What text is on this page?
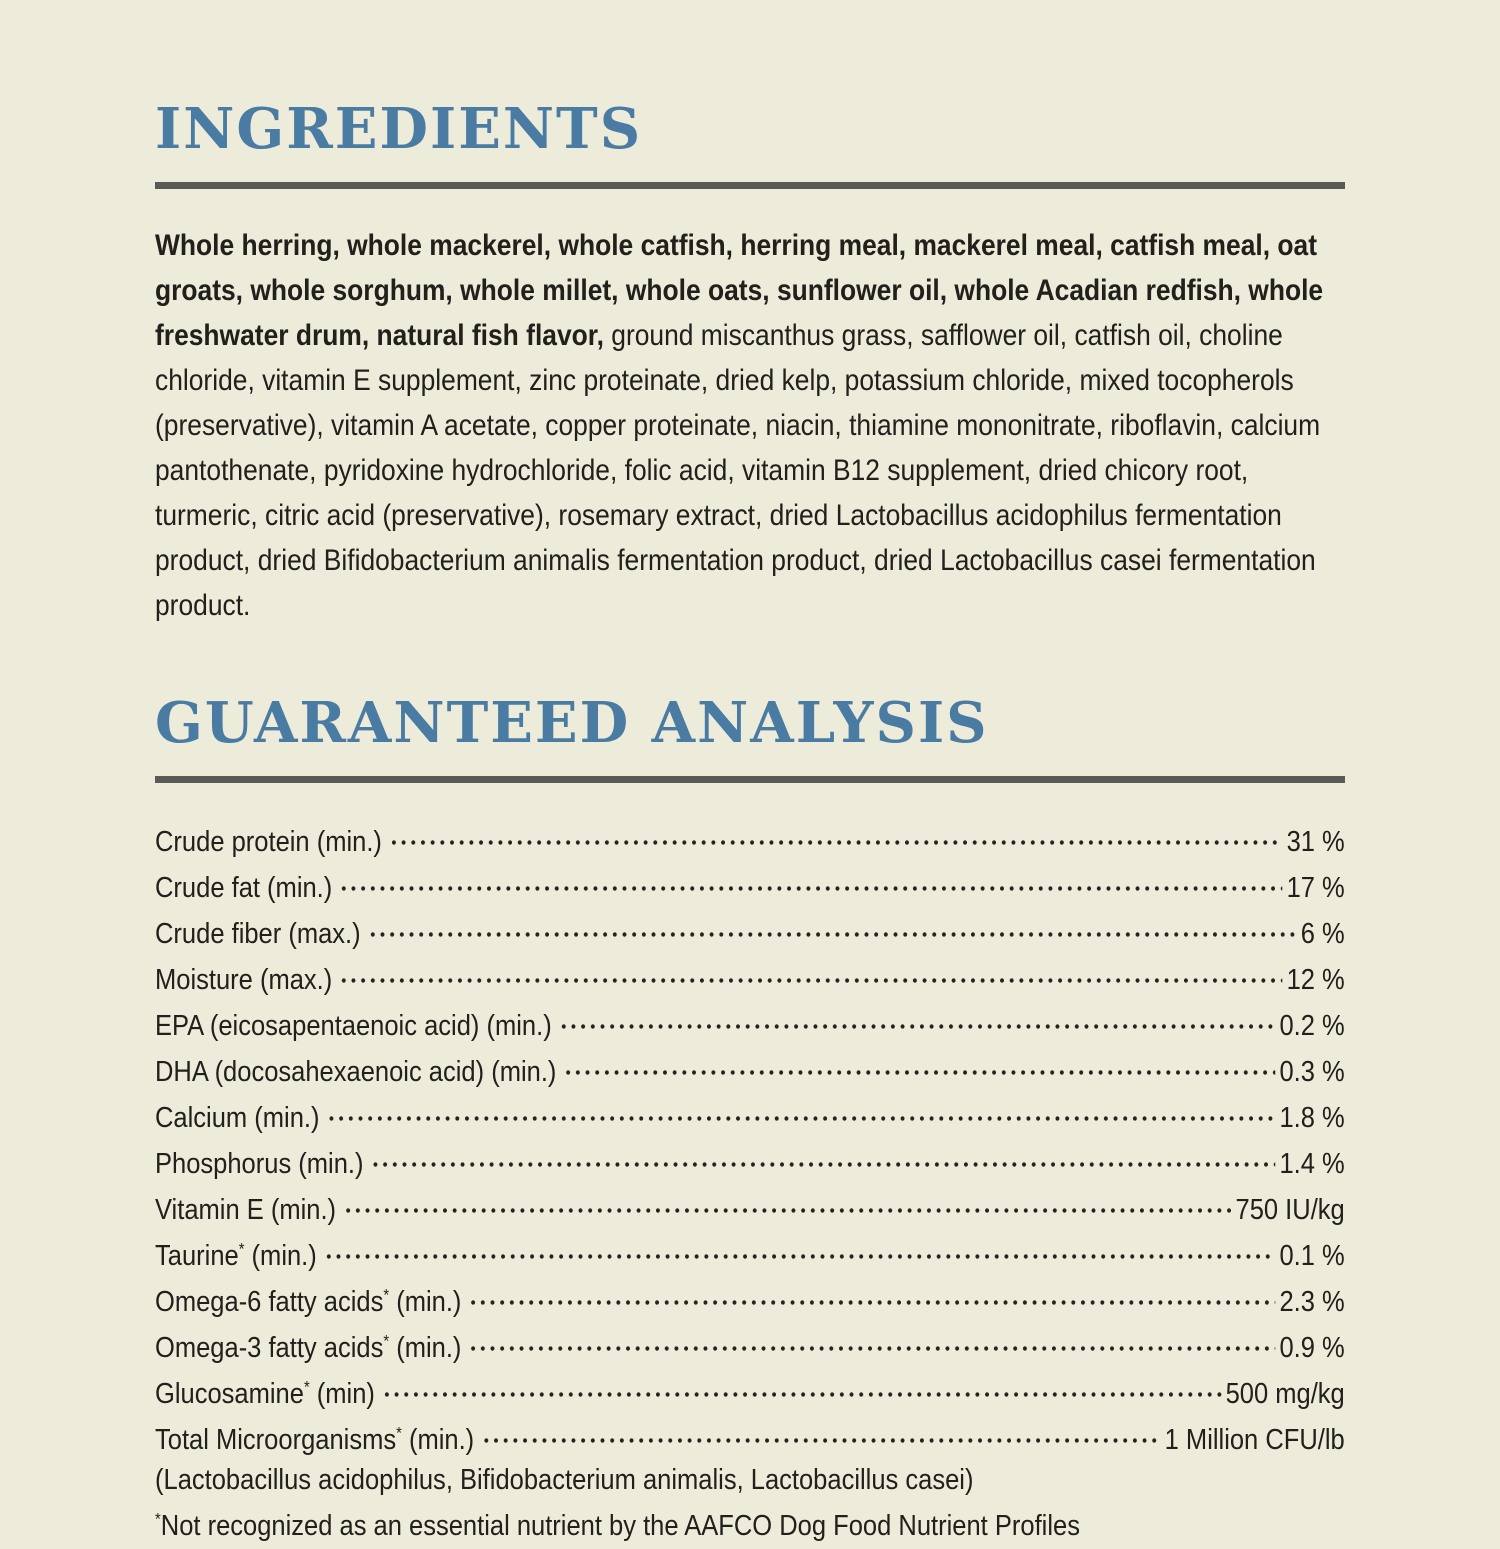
INGREDIENTS

Whole herring, whole mackerel, whole catfish, herring meal, mackerel meal, catfish meal, oat groats, whole sorghum, whole millet, whole oats, sunflower oil, whole Acadian redfish, whole freshwater drum, natural fish flavor, ground miscanthus grass, safflower oil, catfish oil, choline chloride, vitamin E supplement, zinc proteinate, dried kelp, potassium chloride, mixed tocopherols (preservative), vitamin A acetate, copper proteinate, niacin, thiamine mononitrate, riboflavin, calcium pantothenate, pyridoxine hydrochloride, folic acid, vitamin B12 supplement, dried chicory root, turmeric, citric acid (preservative), rosemary extract, dried Lactobacillus acidophilus fermentation product, dried Bifidobacterium animalis fermentation product, dried Lactobacillus casei fermentation product.

GUARANTEED ANALYSIS
Crude protein (min.)	31 %
Crude fat (min.)	17 %
Crude fiber (max.)	6 %
Moisture (max.)	12 %
EPA (eicosapentaenoic acid) (min.)	0.2 %
DHA (docosahexaenoic acid) (min.)	0.3 %
Calcium (min.)	1.8 %
Phosphorus (min.)	1.4 %
Vitamin E (min.)	750 IU/kg
Taurine* (min.)	0.1 %
Omega-6 fatty acids* (min.)	2.3 %
Omega-3 fatty acids* (min.)	0.9 %
Glucosamine* (min)	500 mg/kg
Total Microorganisms* (min.)	1 Million CFU/lb
(Lactobacillus acidophilus, Bifidobacterium animalis, Lactobacillus casei)
*Not recognized as an essential nutrient by the AAFCO Dog Food Nutrient Profiles
